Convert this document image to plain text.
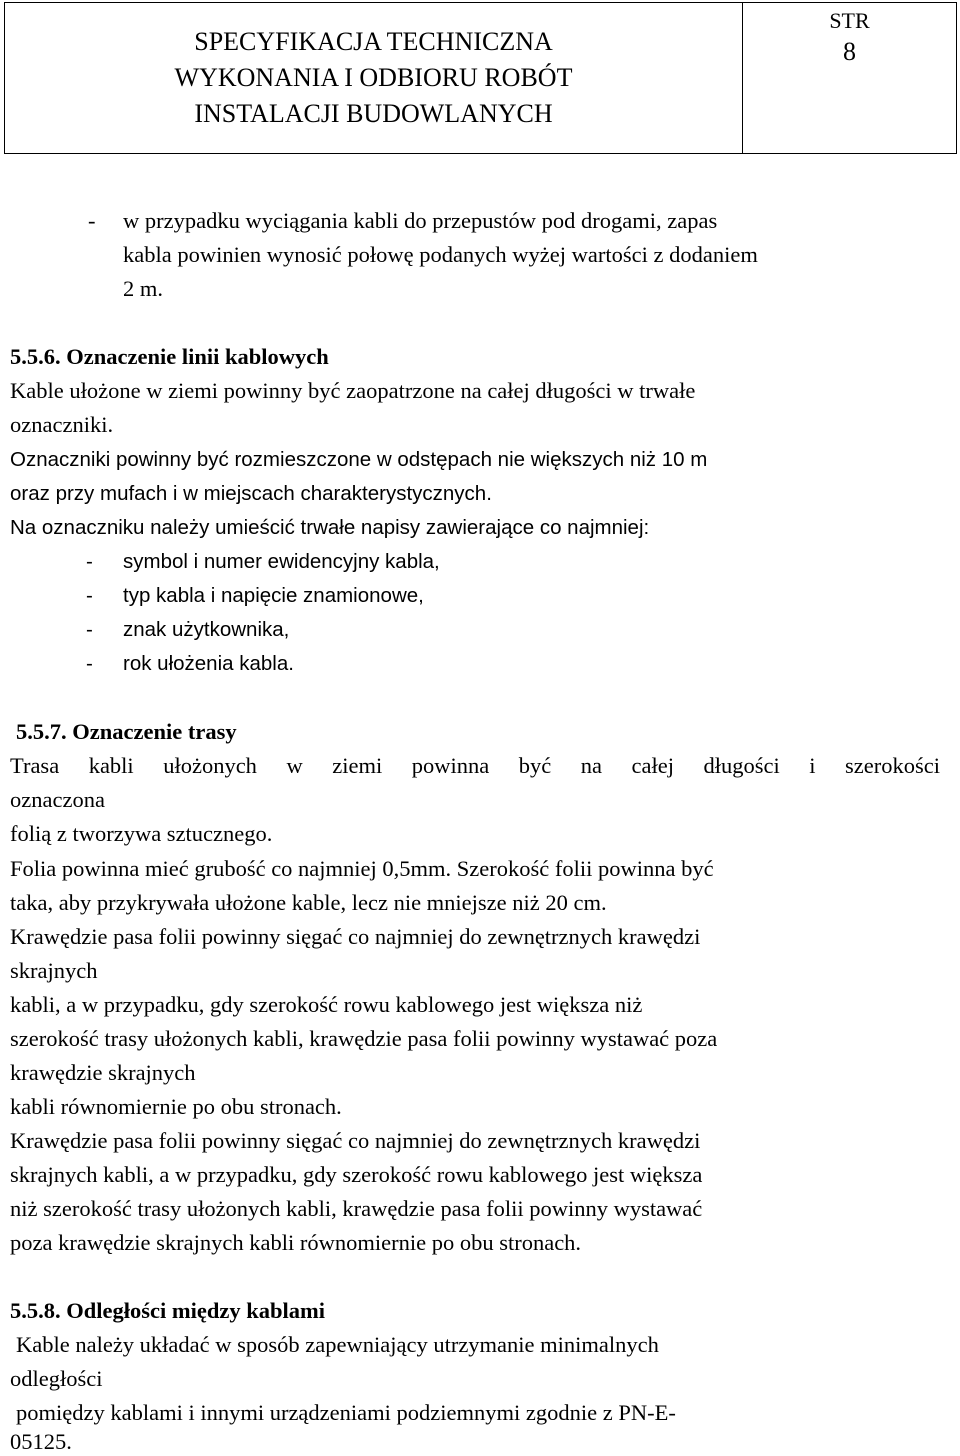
SPECYFIKACJA TECHNICZNA
WYKONANIA I ODBIORU ROBÓT
INSTALACJI BUDOWLANYCH
STR
8
- w przypadku wyciągania kabli do przepustów pod drogami, zapas
kabla powinien wynosić połowę podanych wyżej wartości z dodaniem
2 m.
5.5.6. Oznaczenie linii kablowych
Kable ułożone w ziemi powinny być zaopatrzone na całej długości w trwałe
oznaczniki.
Oznaczniki powinny być rozmieszczone w odstępach nie większych niż 10 m
oraz przy mufach i w miejscach charakterystycznych.
Na oznaczniku należy umieścić trwałe napisy zawierające co najmniej:
- symbol i numer ewidencyjny kabla,
- typ kabla i napięcie znamionowe,
- znak użytkownika,
- rok ułożenia kabla.
5.5.7. Oznaczenie trasy
Trasa kabli ułożonych w ziemi powinna być na całej długości i szerokości
oznaczona
folią z tworzywa sztucznego.
Folia powinna mieć grubość co najmniej 0,5mm. Szerokość folii powinna być
taka, aby przykrywała ułożone kable, lecz nie mniejsze niż 20 cm.
Krawędzie pasa folii powinny sięgać co najmniej do zewnętrznych krawędzi
skrajnych
kabli, a w przypadku, gdy szerokość rowu kablowego jest większa niż
szerokość trasy ułożonych kabli, krawędzie pasa folii powinny wystawać poza
krawędzie skrajnych
kabli równomiernie po obu stronach.
Krawędzie pasa folii powinny sięgać co najmniej do zewnętrznych krawędzi
skrajnych kabli, a w przypadku, gdy szerokość rowu kablowego jest większa
niż szerokość trasy ułożonych kabli, krawędzie pasa folii powinny wystawać
poza krawędzie skrajnych kabli równomiernie po obu stronach.
5.5.8. Odległości między kablami
Kable należy układać w sposób zapewniający utrzymanie minimalnych
odległości
pomiędzy kablami i innymi urządzeniami podziemnymi zgodnie z PN-E-
05125.
